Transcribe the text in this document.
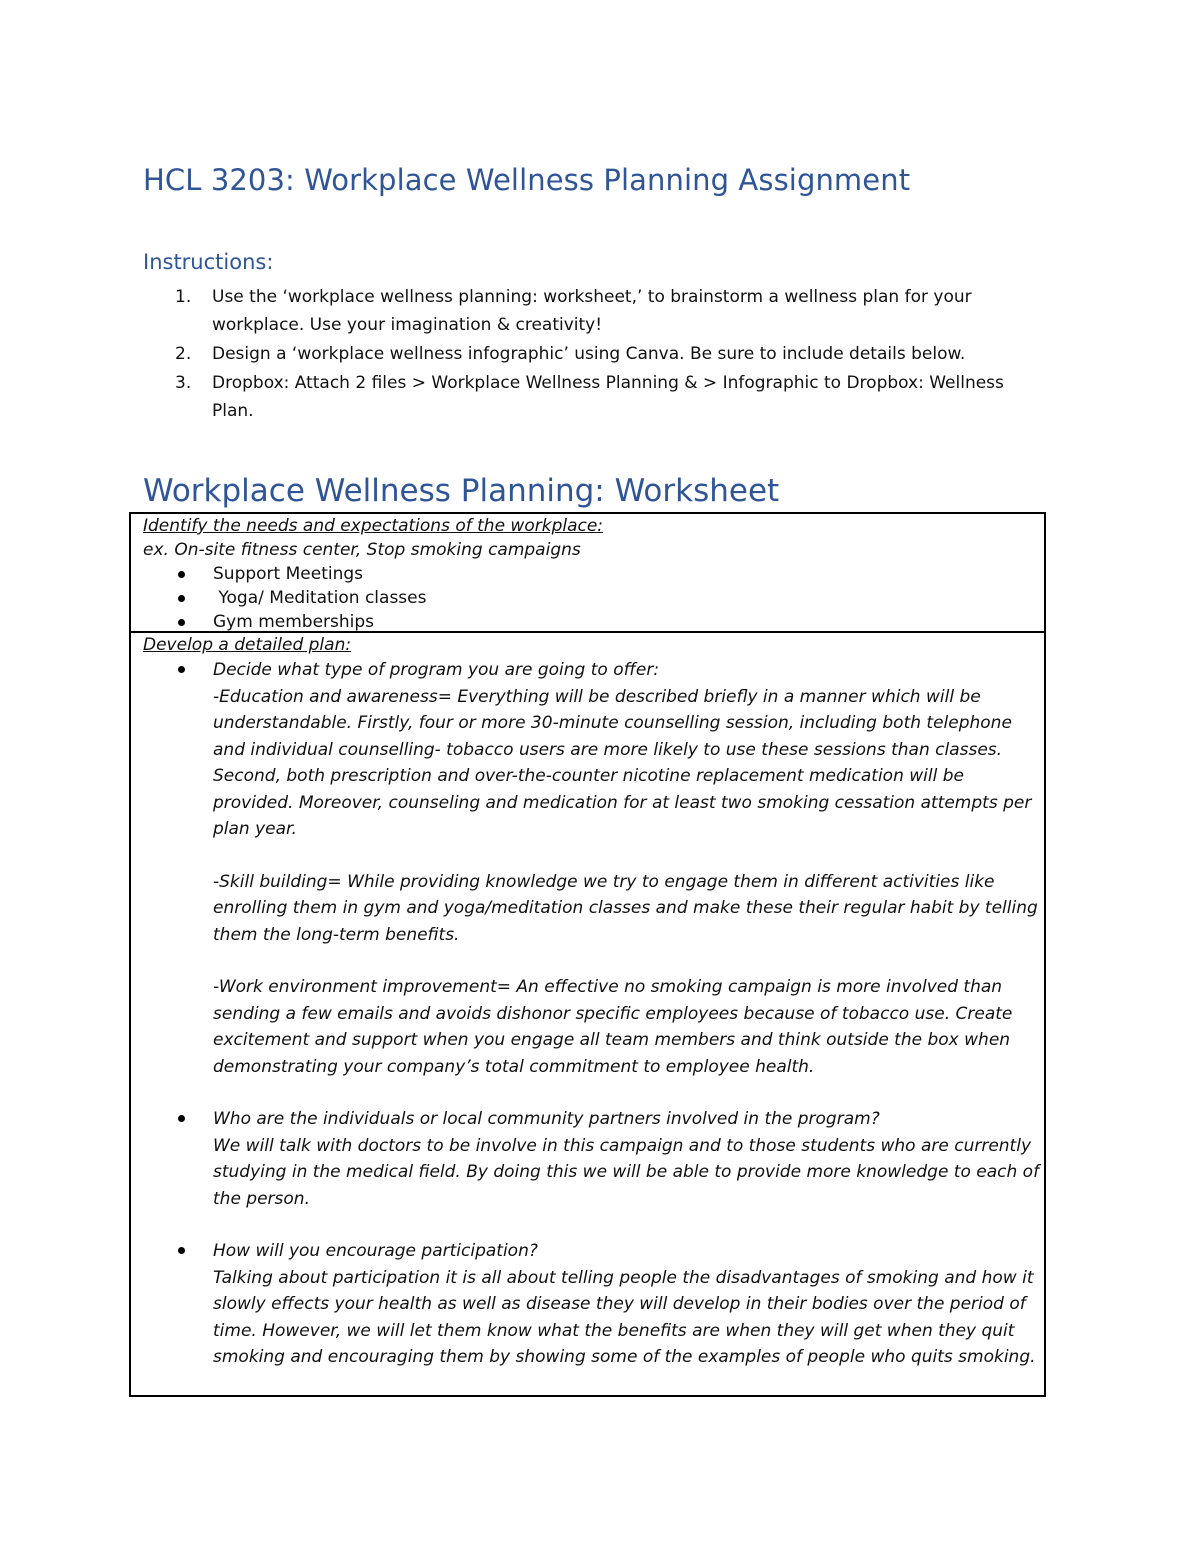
HCL 3203: Workplace Wellness Planning Assignment
Instructions:
1. Use the ‘workplace wellness planning: worksheet,’ to brainstorm a wellness plan for your workplace. Use your imagination & creativity!
2. Design a ‘workplace wellness infographic’ using Canva. Be sure to include details below.
3. Dropbox: Attach 2 files > Workplace Wellness Planning & > Infographic to Dropbox: Wellness Plan.
Workplace Wellness Planning: Worksheet
Identify the needs and expectations of the workplace:
ex. On-site fitness center, Stop smoking campaigns
Support Meetings
Yoga/ Meditation classes
Gym memberships
Develop a detailed plan:

Decide what type of program you are going to offer:

-Education and awareness= Everything will be described briefly in a manner which will be understandable. Firstly, four or more 30-minute counselling session, including both telephone and individual counselling- tobacco users are more likely to use these sessions than classes. Second, both prescription and over-the-counter nicotine replacement medication will be provided. Moreover, counseling and medication for at least two smoking cessation attempts per plan year.

-Skill building= While providing knowledge we try to engage them in different activities like enrolling them in gym and yoga/meditation classes and make these their regular habit by telling them the long-term benefits.

-Work environment improvement= An effective no smoking campaign is more involved than sending a few emails and avoids dishonor specific employees because of tobacco use. Create excitement and support when you engage all team members and think outside the box when demonstrating your company’s total commitment to employee health.

Who are the individuals or local community partners involved in the program?

We will talk with doctors to be involve in this campaign and to those students who are currently studying in the medical field. By doing this we will be able to provide more knowledge to each of the person.

How will you encourage participation?

Talking about participation it is all about telling people the disadvantages of smoking and how it slowly effects your health as well as disease they will develop in their bodies over the period of time. However, we will let them know what the benefits are when they will get when they quit smoking and encouraging them by showing some of the examples of people who quits smoking.
